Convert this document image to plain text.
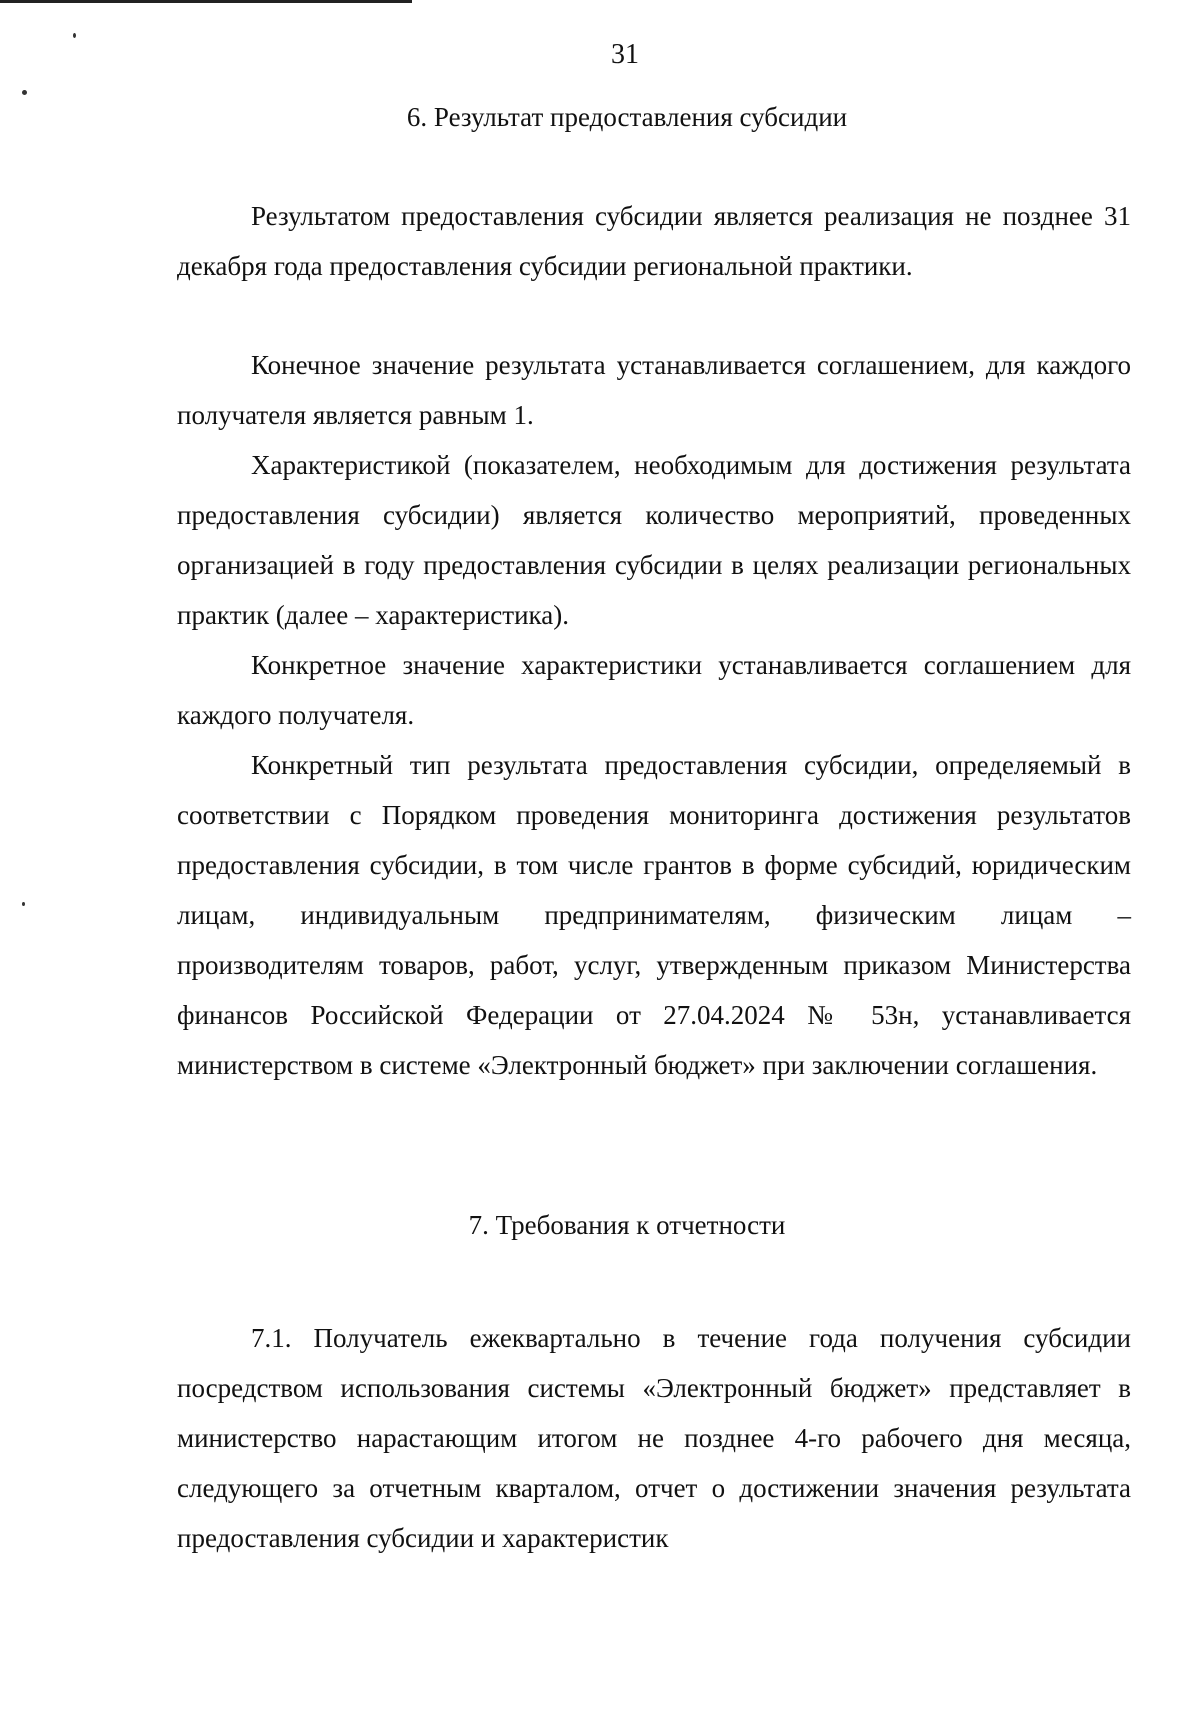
31
6. Результат предоставления субсидии

Результатом предоставления субсидии является реализация не позднее 31 декабря года предоставления субсидии региональной практики.

Конечное значение результата устанавливается соглашением, для каждого получателя является равным 1.

Характеристикой (показателем, необходимым для достижения результата предоставления субсидии) является количество мероприятий, проведенных организацией в году предоставления субсидии в целях реализации региональных практик (далее – характеристика).

Конкретное значение характеристики устанавливается соглашением для каждого получателя.

Конкретный тип результата предоставления субсидии, определяемый в соответствии с Порядком проведения мониторинга достижения результатов предоставления субсидии, в том числе грантов в форме субсидий, юридическим лицам, индивидуальным предпринимателям, физическим лицам – производителям товаров, работ, услуг, утвержденным приказом Министерства финансов Российской Федерации от 27.04.2024 № 53н, устанавливается министерством в системе «Электронный бюджет» при заключении соглашения.

7. Требования к отчетности

7.1. Получатель ежеквартально в течение года получения субсидии посредством использования системы «Электронный бюджет» представляет в министерство нарастающим итогом не позднее 4-го рабочего дня месяца, следующего за отчетным кварталом, отчет о достижении значения результата предоставления субсидии и характеристик
